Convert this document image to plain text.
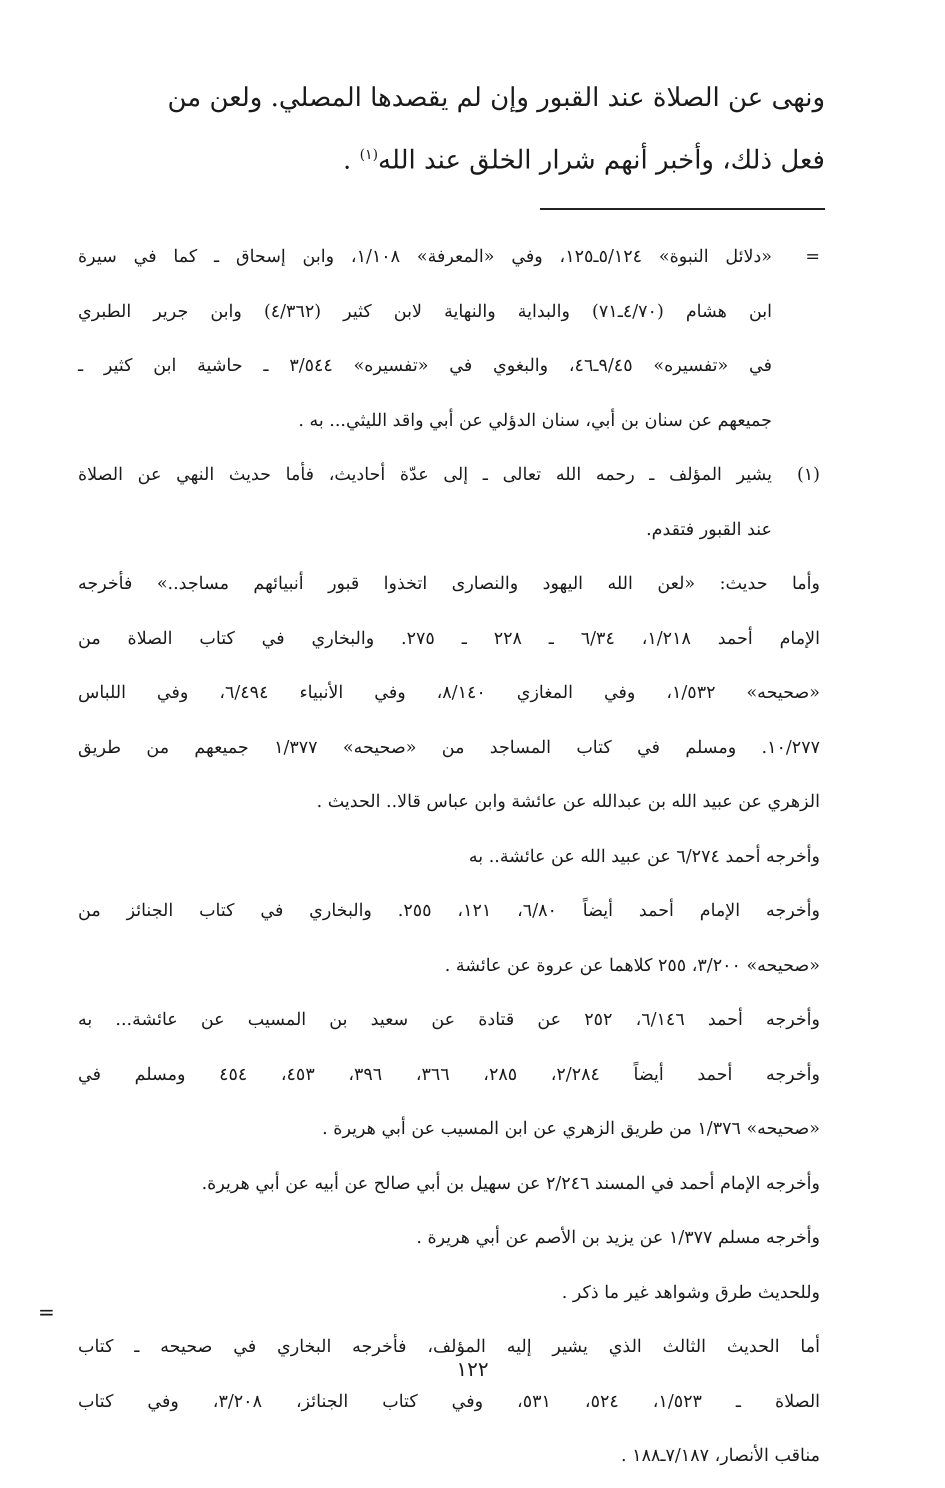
ونهى عن الصلاة عند القبور وإن لم يقصدها المصلي. ولعن من
فعل ذلك، وأخبر أنهم شرار الخلق عند الله$^{(١)}$ .
=
«دلائل النبوة» ٥/١٢٤ـ١٢٥، وفي «المعرفة» ١/١٠٨، وابن إسحاق ـ كما في سيرة
ابن هشام (٤/٧٠ـ٧١) والبداية والنهاية لابن كثير (٤/٣٦٢) وابن جرير الطبري
في «تفسيره» ٩/٤٥ـ٤٦، والبغوي في «تفسيره» ٣/٥٤٤ ـ حاشية ابن كثير ـ
جميعهم عن سنان بن أبي، سنان الدؤلي عن أبي واقد الليثي... به .
(١)
يشير المؤلف ـ رحمه الله تعالى ـ إلى عدّة أحاديث، فأما حديث النهي عن الصلاة
عند القبور فتقدم.
وأما حديث: «لعن الله اليهود والنصارى اتخذوا قبور أنبيائهم مساجد..» فأخرجه
الإمام أحمد ١/٢١٨، ٦/٣٤ ـ ٢٢٨ ـ ٢٧٥. والبخاري في كتاب الصلاة من
«صحيحه» ١/٥٣٢، وفي المغازي ٨/١٤٠، وفي الأنبياء ٦/٤٩٤، وفي اللباس
١٠/٢٧٧. ومسلم في كتاب المساجد من «صحيحه» ١/٣٧٧ جميعهم من طريق
الزهري عن عبيد الله بن عبدالله عن عائشة وابن عباس قالا.. الحديث .
وأخرجه أحمد ٦/٢٧٤ عن عبيد الله عن عائشة.. به
وأخرجه الإمام أحمد أيضاً ٦/٨٠، ١٢١، ٢٥٥. والبخاري في كتاب الجنائز من
«صحيحه» ٣/٢٠٠، ٢٥٥ كلاهما عن عروة عن عائشة .
وأخرجه أحمد ٦/١٤٦، ٢٥٢ عن قتادة عن سعيد بن المسيب عن عائشة... به
وأخرجه أحمد أيضاً ٢/٢٨٤، ٢٨٥، ٣٦٦، ٣٩٦، ٤٥٣، ٤٥٤ ومسلم في
«صحيحه» ١/٣٧٦ من طريق الزهري عن ابن المسيب عن أبي هريرة .
وأخرجه الإمام أحمد في المسند ٢/٢٤٦ عن سهيل بن أبي صالح عن أبيه عن أبي هريرة.
وأخرجه مسلم ١/٣٧٧ عن يزيد بن الأصم عن أبي هريرة .
وللحديث طرق وشواهد غير ما ذكر .
أما الحديث الثالث الذي يشير إليه المؤلف، فأخرجه البخاري في صحيحه ـ كتاب
الصلاة ـ ١/٥٢٣، ٥٢٤، ٥٣١، وفي كتاب الجنائز، ٣/٢٠٨، وفي كتاب
مناقب الأنصار، ٧/١٨٧ـ١٨٨ .
=
١٢٢
